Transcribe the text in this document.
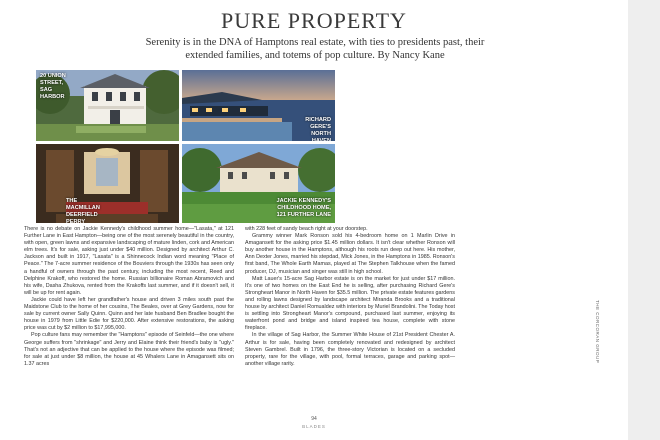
PURE PROPERTY
Serenity is in the DNA of Hamptons real estate, with ties to presidents past, their extended families, and totems of pop culture. By Nancy Kane
20 UNION STREET, SAG HARBOR
RICHARD GERE'S NORTH HAVEN
THE MACMILLAN DEERFIELD PERRY
JACKIE KENNEDY'S CHILDHOOD HOME, 121 FURTHER LANE

There is no debate on Jackie Kennedy's childhood summer home—"Lasata," at 121 Further Lane in East Hampton—being one of the most serenely beautiful in the country, with open, green lawns and expansive landscaping of mature linden, cork and American elm trees. It's for sale, asking just under $40 million. Designed by architect Arthur C. Jackson and built in 1917, "Lasata" is a Shinnecock Indian word meaning "Place of Peace." The 7-acre summer residence of the Bouviers through the 1930s has seen only a handful of owners through the past century, including the most recent, Reed and Delphine Krakoff, who restored the home. Russian billionaire Roman Abramovich and his wife, Dasha Zhukova, rented from the Krakoffs last summer, and if it doesn't sell, it will be up for rent again.

Jackie could have left her grandfather's house and driven 3 miles south past the Maidstone Club to the home of her cousins, The Beales, over at Grey Gardens, now for sale by current owner Sally Quinn. Quinn and her late husband Ben Bradlee bought the house in 1979 from Little Edie for $220,000. After extensive restorations, the asking price was cut by $2 million to $17,995,000.

Pop culture fans may remember the "Hamptons" episode of Seinfeld—the one where George suffers from "shrinkage" and Jerry and Elaine think their friend's baby is "ugly." That's not an adjective that can be applied to the house where the episode was filmed; for sale at just under $8 million, the house at 45 Whalers Lane in Amagansett sits on 1.37 acres

with 228 feet of sandy beach right at your doorstep.

Grammy winner Mark Ronson sold his 4-bedroom home on 1 Marlin Drive in Amagansett for the asking price $1.45 million dollars. It isn't clear whether Ronson will buy another house in the Hamptons, although his roots run deep out here. His mother, Ann Dexter Jones, married his stepdad, Mick Jones, in the Hamptons in 1985. Ronson's first band, The Whole Earth Mamas, played at The Stephen Talkhouse when the famed producer, DJ, musician and singer was still in high school.

Matt Lauer's 15-acre Sag Harbor estate is on the market for just under $17 million. It's one of two homes on the East End he is selling, after purchasing Richard Gere's Strongheart Manor in North Haven for $35.5 million. The private estate features gardens and rolling lawns designed by landscape architect Miranda Brooks and a traditional house by architect Daniel Romualdez with interiors by Muriel Brandolini. The Today host is settling into Strongheart Manor's compound, purchased last summer, enjoying its waterfront pond and bridge and island inspired tea house, complete with stone fireplace.

In the village of Sag Harbor, the Summer White House of 21st President Chester A. Arthur is for sale, having been completely renovated and redesigned by architect Steven Gambrel. Built in 1796, the three-story Victorian is located on a secluded property, rare for the village, with pool, formal terraces, garage and parking spot—another village rarity.

THE CORCORAN GROUP
94
BLADES
